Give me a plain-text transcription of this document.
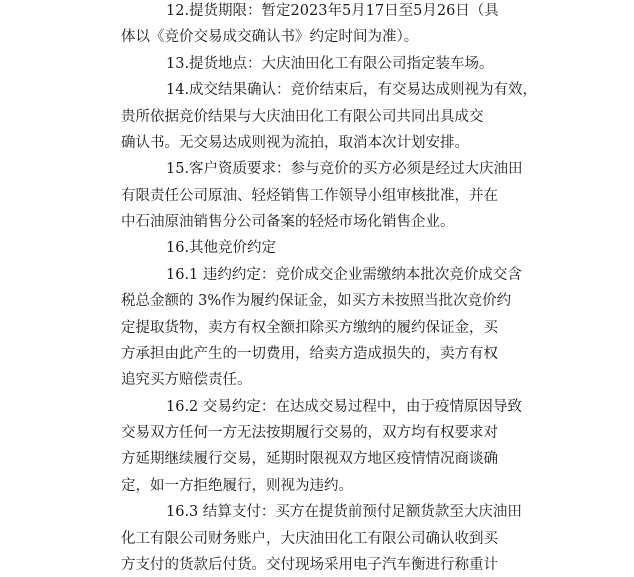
12.提货期限：暂定2023年5月17日至5月26日（具
体以《竞价交易成交确认书》约定时间为准）。
13.提货地点：大庆油田化工有限公司指定装车场。
14.成交结果确认：竞价结束后，有交易达成则视为有效，
贵所依据竞价结果与大庆油田化工有限公司共同出具成交
确认书。无交易达成则视为流拍，取消本次计划安排。
15.客户资质要求：参与竞价的买方必须是经过大庆油田
有限责任公司原油、轻烃销售工作领导小组审核批准，并在
中石油原油销售分公司备案的轻烃市场化销售企业。
16.其他竞价约定
16.1 违约约定：竞价成交企业需缴纳本批次竞价成交含
税总金额的 3%作为履约保证金，如买方未按照当批次竞价约
定提取货物，卖方有权全额扣除买方缴纳的履约保证金，买
方承担由此产生的一切费用，给卖方造成损失的，卖方有权
追究买方赔偿责任。
16.2 交易约定：在达成交易过程中，由于疫情原因导致
交易双方任何一方无法按期履行交易的，双方均有权要求对
方延期继续履行交易，延期时限视双方地区疫情情况商谈确
定，如一方拒绝履行，则视为违约。
16.3 结算支付：买方在提货前预付足额货款至大庆油田
化工有限公司财务账户，大庆油田化工有限公司确认收到买
方支付的货款后付货。交付现场采用电子汽车衡进行称重计
